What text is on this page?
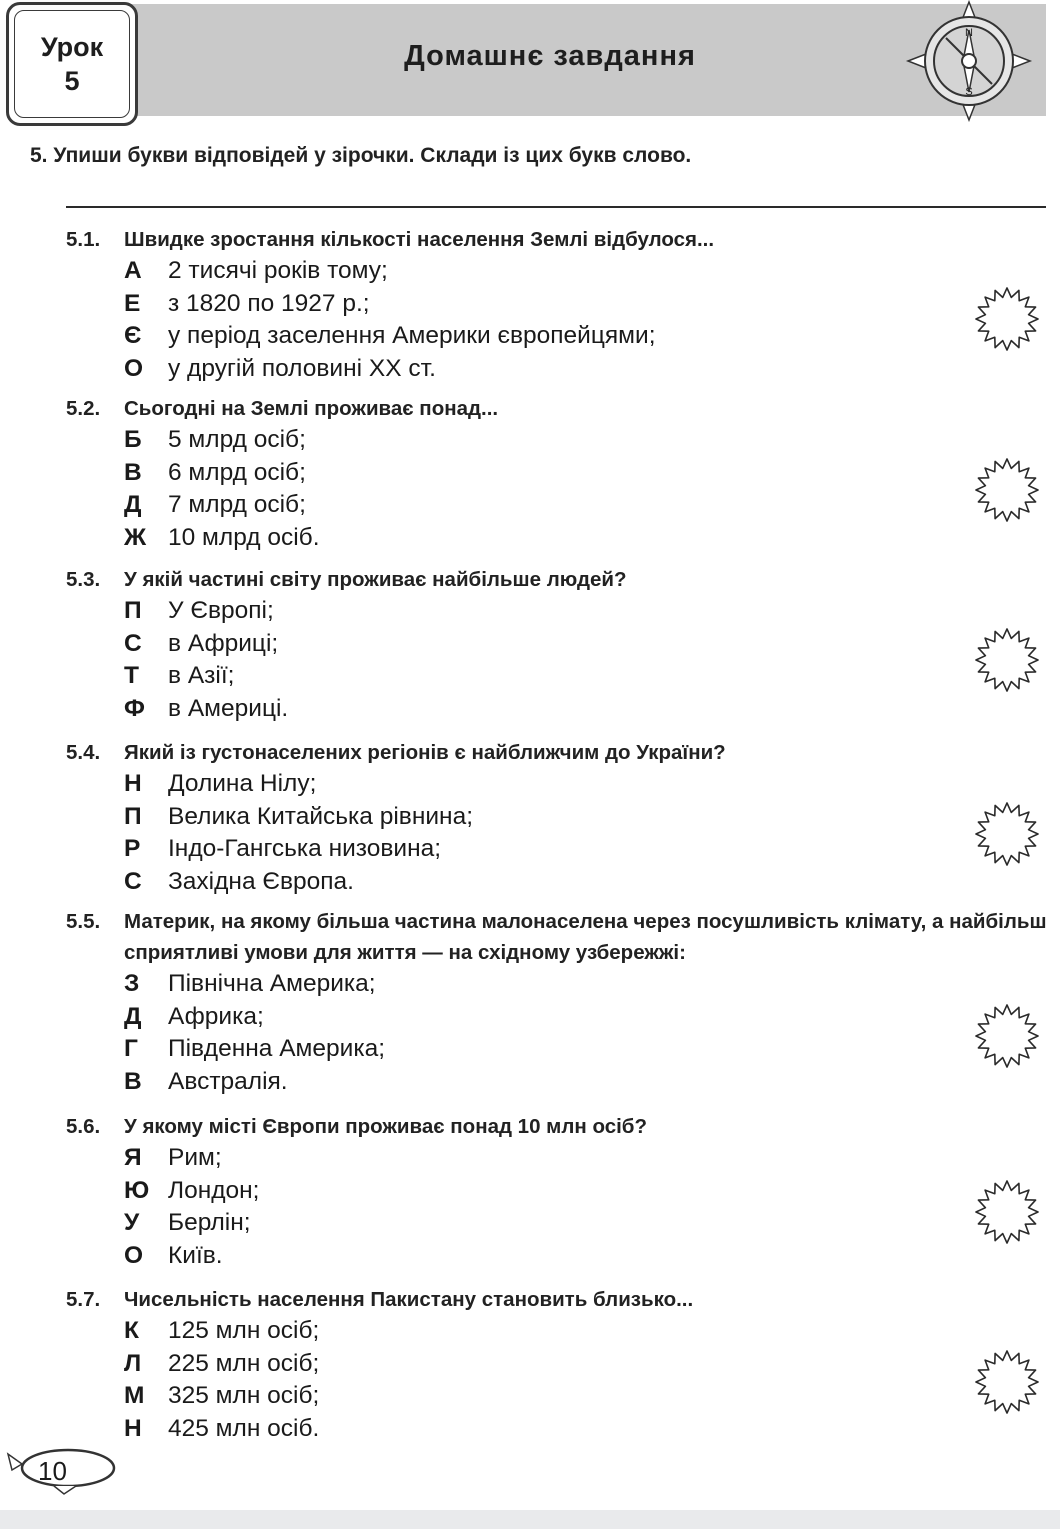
Урок
5
Домашнє завдання
N
S
5. Упиши букви відповідей у зірочки. Склади із цих букв слово.
5.1.	Швидке зростання кількості населення Землі відбулося...
А	2 тисячі років тому;
Е	з 1820 по 1927 р.;
Є	у період заселення Америки європейцями;
О	у другій половині XX ст.
5.2.	Сьогодні на Землі проживає понад...
Б	5 млрд осіб;
В	6 млрд осіб;
Д	7 млрд осіб;
Ж 10 млрд осіб.
5.3.	У якій частині світу проживає найбільше людей?
П	У Європі;
С	в Африці;
Т	в Азії;
Ф в Америці.
5.4.	Який із густонаселених регіонів є найближчим до України?
Н	Долина Нілу;
П	Велика Китайська рівнина;
Р	Індо-Гангська низовина;
С	Західна Європа.
5.5.	Материк, на якому більша частина малонаселена через посушливість клімату, а найбільш сприятливі умови для життя — на східному узбережжі:
З	Північна Америка;
Д	Африка;
Г	Південна Америка;
В	Австралія.
5.6.	У якому місті Європи проживає понад 10 млн осіб?
Я	Рим;
Ю Лондон;
У	Берлін;
О	Київ.
5.7.	Чисельність населення Пакистану становить близько...
К	125 млн осіб;
Л	225 млн осіб;
М 325 млн осіб;
Н	425 млн осіб.
10
